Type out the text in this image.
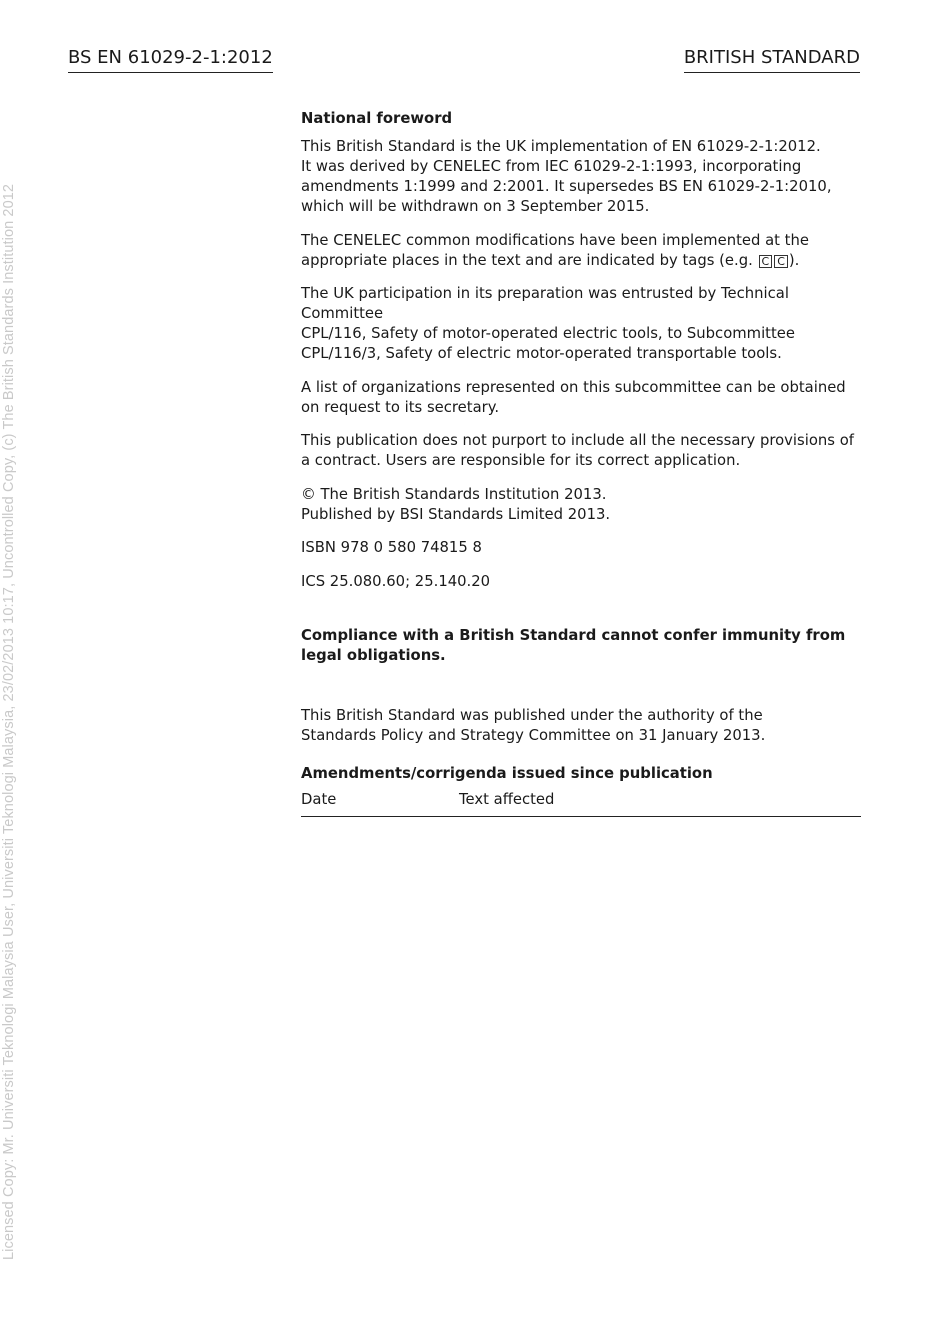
BS EN 61029-2-1:2012	BRITISH STANDARD
Licensed Copy: Mr. Universiti Teknologi Malaysia User, Universiti Teknologi Malaysia, 23/02/2013 10:17, Uncontrolled Copy, (c) The British Standards Institution 2012

National foreword

This British Standard is the UK implementation of EN 61029-2-1:2012.
It was derived by CENELEC from IEC 61029-2-1:1993, incorporating
amendments 1:1999 and 2:2001. It supersedes BS EN 61029-2-1:2010,
which will be withdrawn on 3 September 2015.

The CENELEC common modifications have been implemented at the
appropriate places in the text and are indicated by tags (e.g. C C ).

The UK participation in its preparation was entrusted by Technical Committee
CPL/116, Safety of motor-operated electric tools, to Subcommittee
CPL/116/3, Safety of electric motor-operated transportable tools.

A list of organizations represented on this subcommittee can be obtained
on request to its secretary.

This publication does not purport to include all the necessary provisions of
a contract. Users are responsible for its correct application.

© The British Standards Institution 2013.
Published by BSI Standards Limited 2013.

ISBN 978 0 580 74815 8

ICS 25.080.60; 25.140.20

Compliance with a British Standard cannot confer immunity from
legal obligations.

This British Standard was published under the authority of the
Standards Policy and Strategy Committee on 31 January 2013.

Amendments/corrigenda issued since publication

Date	Text affected
